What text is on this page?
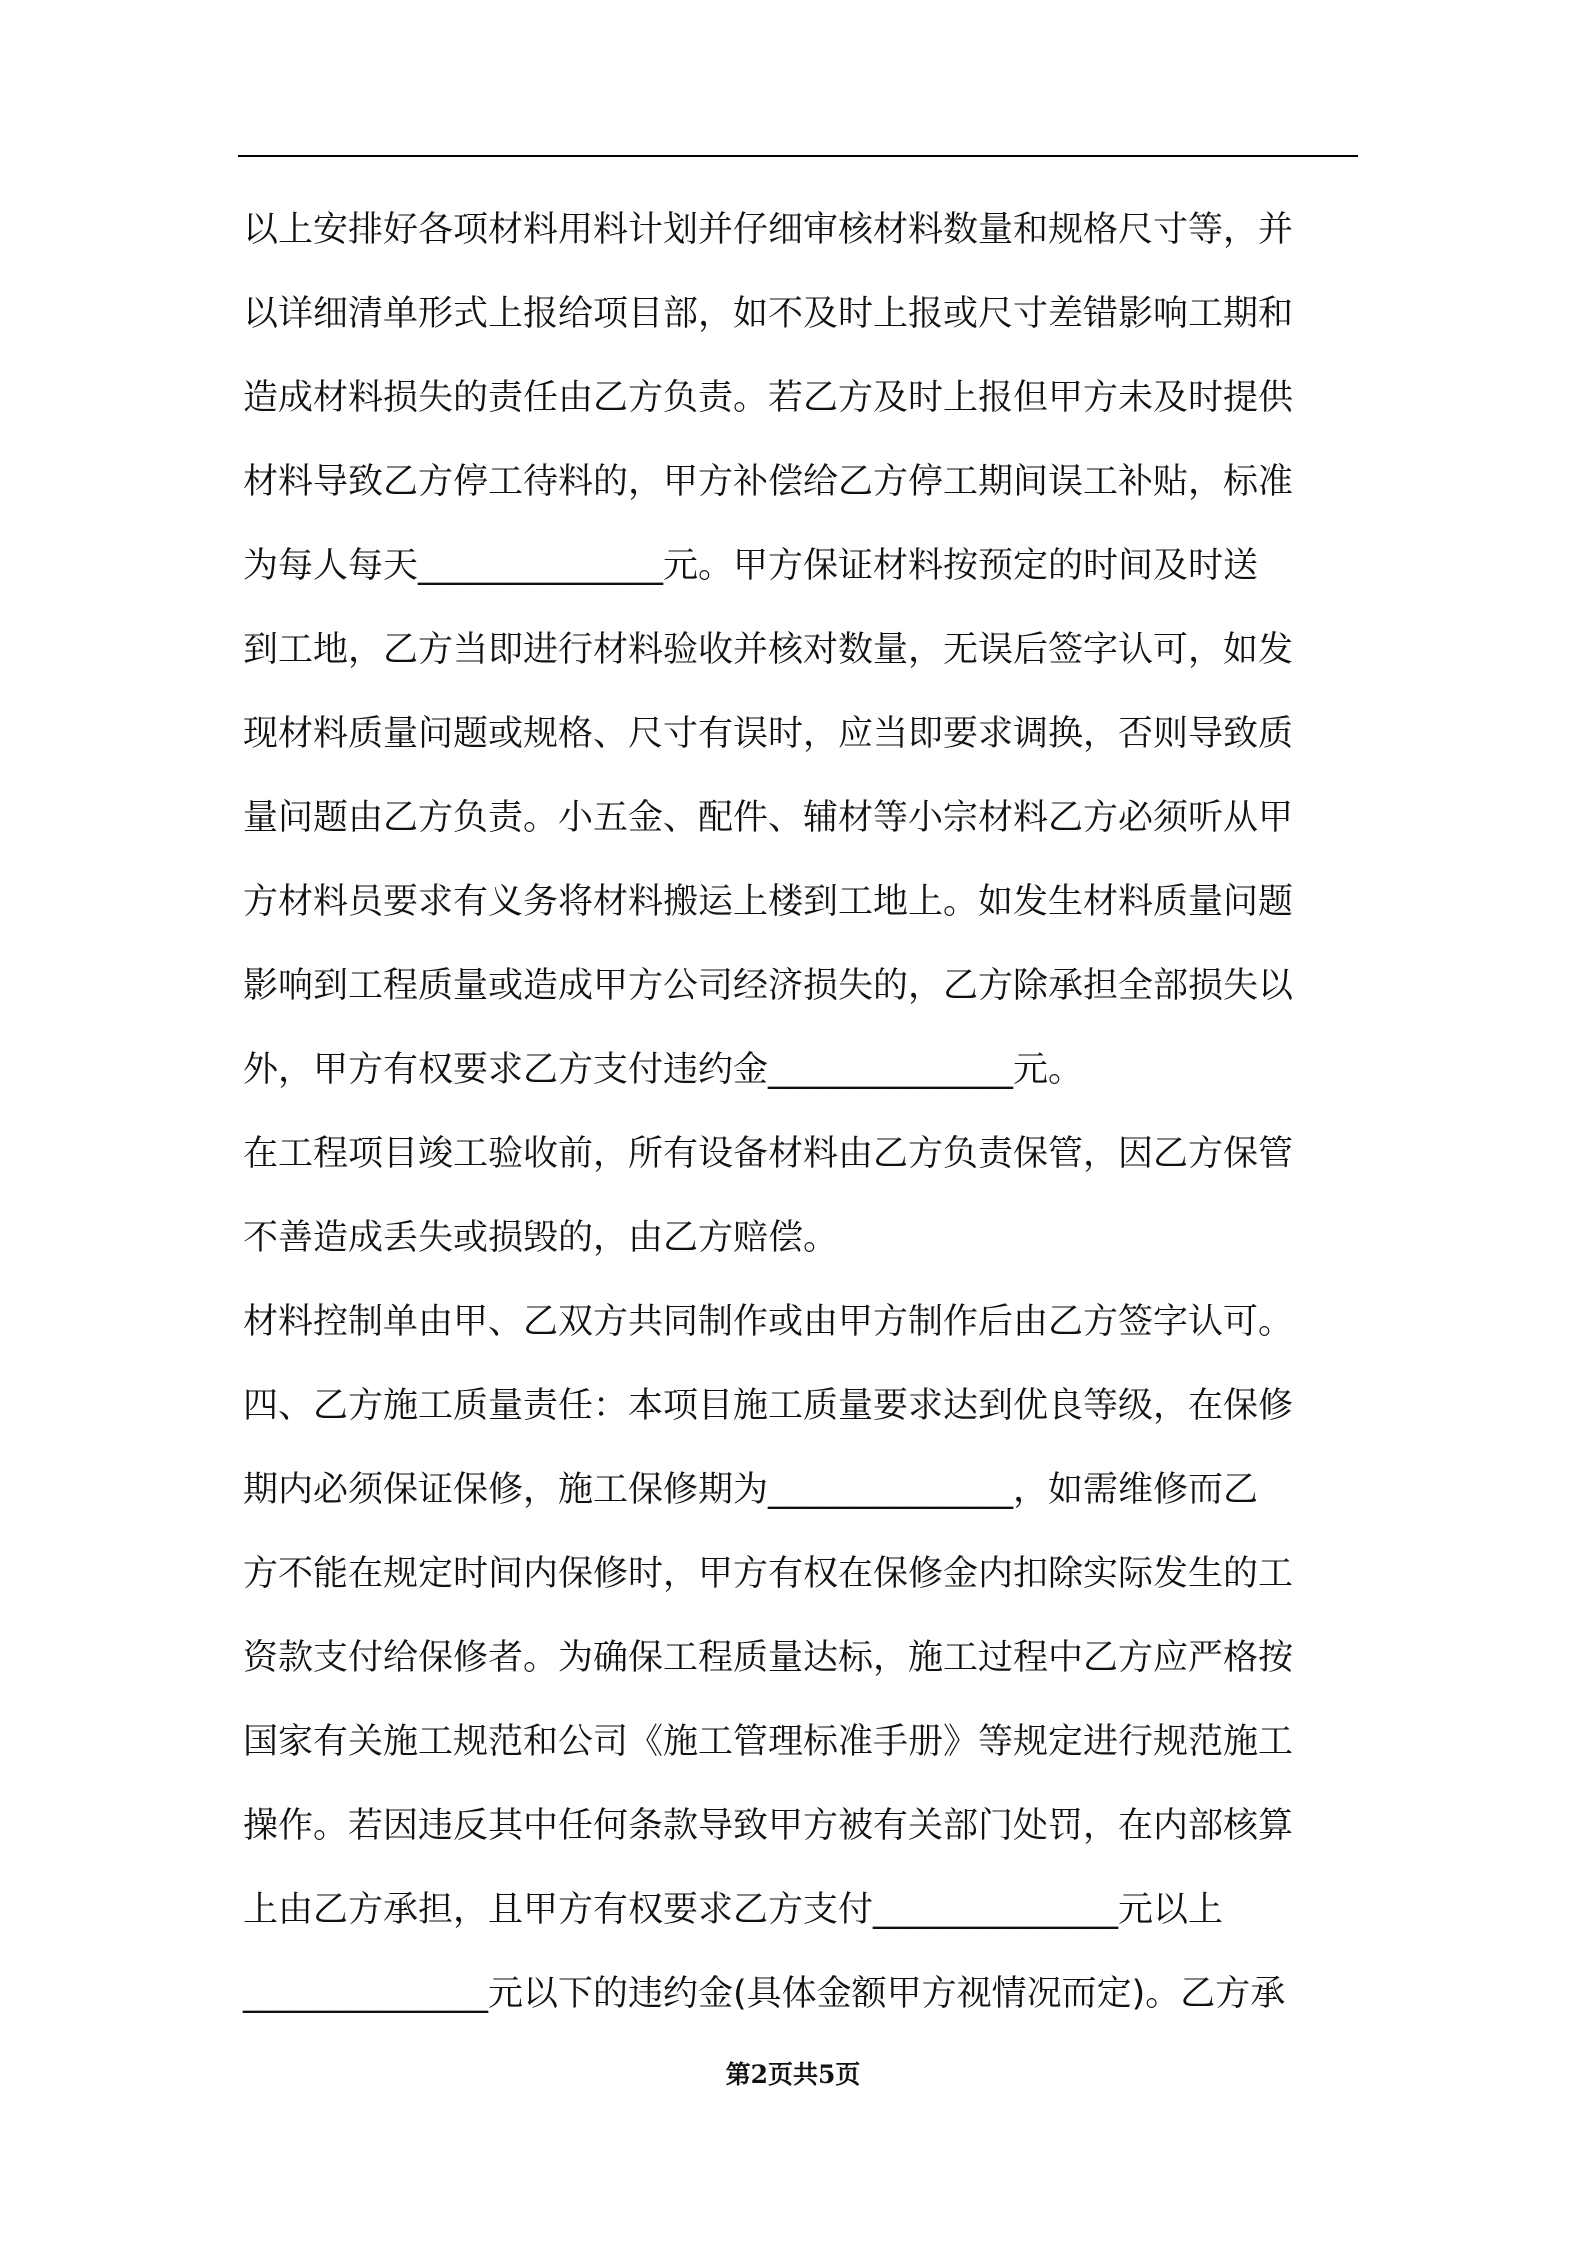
以上安排好各项材料用料计划并仔细审核材料数量和规格尺寸等，并
以详细清单形式上报给项目部，如不及时上报或尺寸差错影响工期和
造成材料损失的责任由乙方负责。若乙方及时上报但甲方未及时提供
材料导致乙方停工待料的，甲方补偿给乙方停工期间误工补贴，标准
为每人每天______________元。甲方保证材料按预定的时间及时送
到工地，乙方当即进行材料验收并核对数量，无误后签字认可，如发
现材料质量问题或规格、尺寸有误时，应当即要求调换，否则导致质
量问题由乙方负责。小五金、配件、辅材等小宗材料乙方必须听从甲
方材料员要求有义务将材料搬运上楼到工地上。如发生材料质量问题
影响到工程质量或造成甲方公司经济损失的，乙方除承担全部损失以
外，甲方有权要求乙方支付违约金______________元。
在工程项目竣工验收前，所有设备材料由乙方负责保管，因乙方保管
不善造成丢失或损毁的，由乙方赔偿。
材料控制单由甲、乙双方共同制作或由甲方制作后由乙方签字认可。
四、乙方施工质量责任：本项目施工质量要求达到优良等级，在保修
期内必须保证保修，施工保修期为______________，如需维修而乙
方不能在规定时间内保修时，甲方有权在保修金内扣除实际发生的工
资款支付给保修者。为确保工程质量达标，施工过程中乙方应严格按
国家有关施工规范和公司《施工管理标准手册》等规定进行规范施工
操作。若因违反其中任何条款导致甲方被有关部门处罚，在内部核算
上由乙方承担，且甲方有权要求乙方支付______________元以上
______________元以下的违约金(具体金额甲方视情况而定)。乙方承
第2页共5页
